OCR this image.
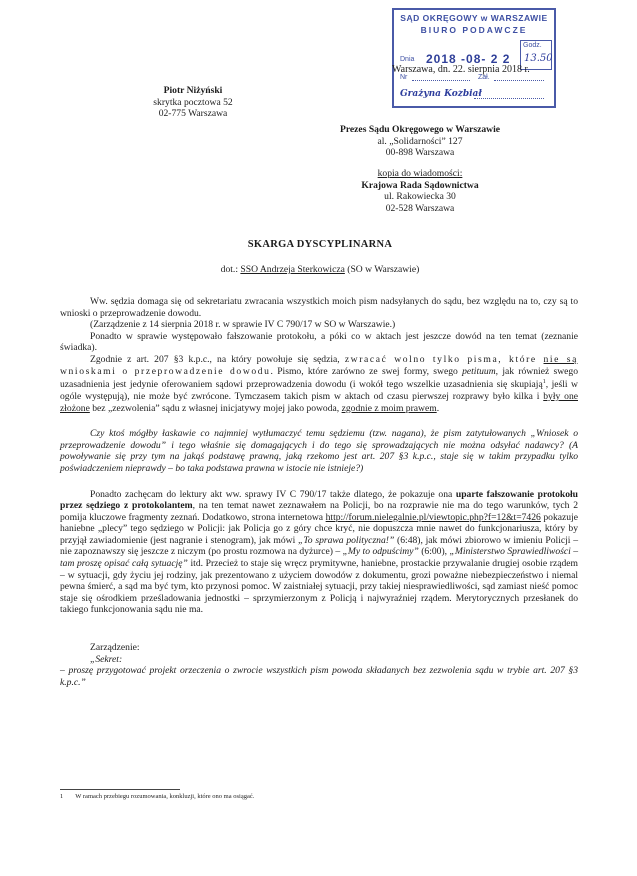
SĄD OKRĘGOWY w WARSZAWIE
BIURO PODAWCZE
Dnia 2018 -08- 2 2
Godz.
13.50
Nr	Zał.
Grażyna Kozbiał
Warszawa, dn. 22. sierpnia 2018 r.
Piotr Niżyński
skrytka pocztowa 52
02-775 Warszawa
Prezes Sądu Okręgowego w Warszawie
al. „Solidarności” 127
00-898 Warszawa
kopia do wiadomości:
Krajowa Rada Sądownictwa
ul. Rakowiecka 30
02-528 Warszawa
SKARGA DYSCYPLINARNA
dot.: SSO Andrzeja Sterkowicza (SO w Warszawie)
Ww. sędzia domaga się od sekretariatu zwracania wszystkich moich pism nadsyłanych do sądu, bez względu na to, czy są to wnioski o przeprowadzenie dowodu.
(Zarządzenie z 14 sierpnia 2018 r. w sprawie IV C 790/17 w SO w Warszawie.)
Ponadto w sprawie występowało fałszowanie protokołu, a póki co w aktach jest jeszcze dowód na ten temat (zeznanie świadka).
Zgodnie z art. 207 §3 k.p.c., na który powołuje się sędzia, zwracać wolno tylko pisma, które nie są wnioskami o przeprowadzenie dowodu. Pismo, które zarówno ze swej formy, swego petituum, jak również swego uzasadnienia jest jedynie oferowaniem sądowi przeprowadzenia dowodu (i wokół tego wszelkie uzasadnienia się skupiają$^1$, jeśli w ogóle występują), nie może być zwrócone. Tymczasem takich pism w aktach od czasu pierwszej rozprawy było kilka i były one złożone bez „zezwolenia” sądu z własnej inicjatywy mojej jako powoda, zgodnie z moim prawem.
Czy ktoś mógłby łaskawie co najmniej wytłumaczyć temu sędziemu (tzw. nagana), że pism zatytułowanych „Wniosek o przeprowadzenie dowodu” i tego właśnie się domagających i do tego się sprowadzających nie można odsyłać nadawcy? (A powoływanie się przy tym na jakąś podstawę prawną, jaką rzekomo jest art. 207 §3 k.p.c., staje się w takim przypadku tylko poświadczeniem nieprawdy – bo taka podstawa prawna w istocie nie istnieje?)
Ponadto zachęcam do lektury akt ww. sprawy IV C 790/17 także dlatego, że pokazuje ona uparte fałszowanie protokołu przez sędziego z protokolantem, na ten temat nawet zeznawałem na Policji, bo na rozprawie nie ma do tego warunków, tych 2 pomija kluczowe fragmenty zeznań. Dodatkowo, strona internetowa http://forum.nielegalnie.pl/viewtopic.php?f=12&t=7426 pokazuje haniebne „plecy” tego sędziego w Policji: jak Policja go z góry chce kryć, nie dopuszcza mnie nawet do funkcjonariusza, który by przyjął zawiadomienie (jest nagranie i stenogram), jak mówi „To sprawa polityczna!” (6:48), jak mówi zbiorowo w imieniu Policji – nie zapoznawszy się jeszcze z niczym (po prostu rozmowa na dyżurce) – „My to odpuścimy” (6:00), „Ministerstwo Sprawiedliwości – tam proszę opisać całą sytuację” itd. Przecież to staje się wręcz prymitywne, haniebne, prostackie przywalanie drugiej osobie rządem – w sytuacji, gdy życiu jej rodziny, jak prezentowano z użyciem dowodów z dokumentu, grozi poważne niebezpieczeństwo i niemal pewna śmierć, a sąd ma być tym, kto przynosi pomoc. W zaistniałej sytuacji, przy takiej niesprawiedliwości, sąd zamiast nieść pomoc staje się ośrodkiem prześladowania jednostki – sprzymierzonym z Policją i najwyraźniej rządem. Merytorycznych przesłanek do takiego funkcjonowania sądu nie ma.
Zarządzenie:
„Sekret:
– proszę przygotować projekt orzeczenia o zwrocie wszystkich pism powoda składanych bez zezwolenia sądu w trybie art. 207 §3 k.p.c.”
1 W ramach przebiegu rozumowania, konkluzji, które ono ma osiągać.
